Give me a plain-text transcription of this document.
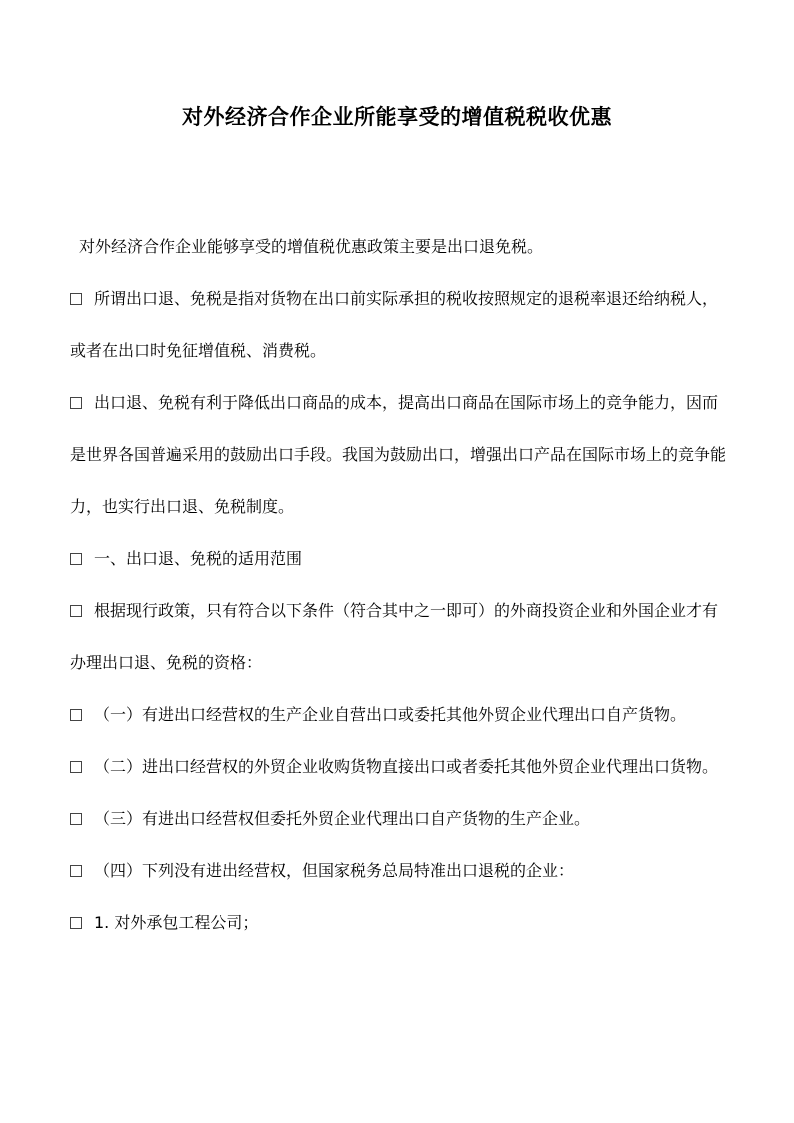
对外经济合作企业所能享受的增值税税收优惠

对外经济合作企业能够享受的增值税优惠政策主要是出口退免税。

所谓出口退、免税是指对货物在出口前实际承担的税收按照规定的退税率退还给纳税人，或者在出口时免征增值税、消费税。

出口退、免税有利于降低出口商品的成本，提高出口商品在国际市场上的竞争能力，因而是世界各国普遍采用的鼓励出口手段。我国为鼓励出口，增强出口产品在国际市场上的竞争能力，也实行出口退、免税制度。

一、出口退、免税的适用范围

根据现行政策，只有符合以下条件（符合其中之一即可）的外商投资企业和外国企业才有办理出口退、免税的资格：

（一）有进出口经营权的生产企业自营出口或委托其他外贸企业代理出口自产货物。

（二）进出口经营权的外贸企业收购货物直接出口或者委托其他外贸企业代理出口货物。

（三）有进出口经营权但委托外贸企业代理出口自产货物的生产企业。

（四）下列没有进出经营权，但国家税务总局特准出口退税的企业：

1. 对外承包工程公司；
